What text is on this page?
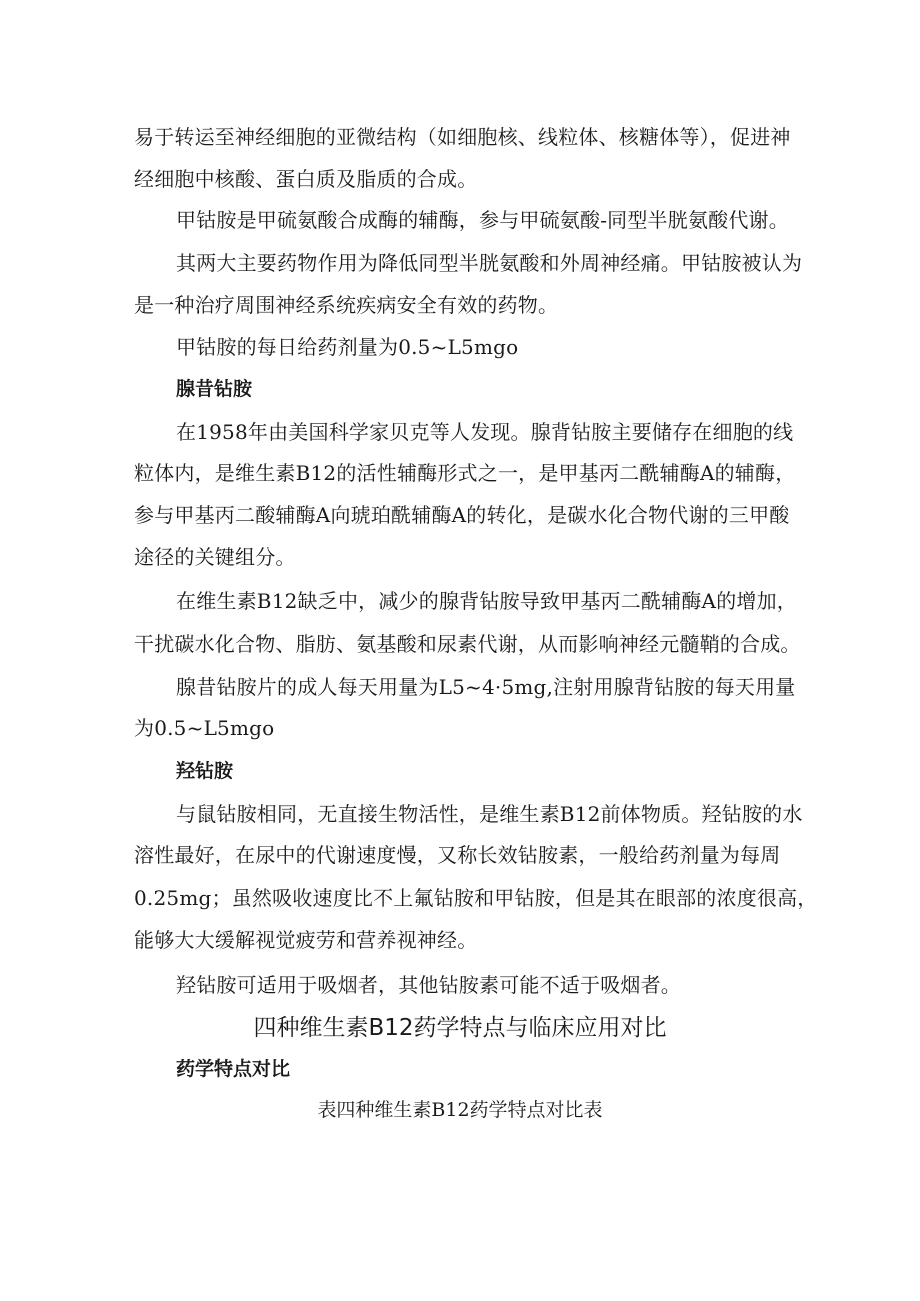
易于转运至神经细胞的亚微结构（如细胞核、线粒体、核糖体等），促进神
经细胞中核酸、蛋白质及脂质的合成。
甲钴胺是甲硫氨酸合成酶的辅酶，参与甲硫氨酸-同型半胱氨酸代谢。
其两大主要药物作用为降低同型半胱氨酸和外周神经痛。甲钴胺被认为
是一种治疗周围神经系统疾病安全有效的药物。
甲钴胺的每日给药剂量为0.5~L5mgo
腺昔钻胺
在1958年由美国科学家贝克等人发现。腺背钻胺主要储存在细胞的线
粒体内，是维生素B12的活性辅酶形式之一，是甲基丙二酰辅酶A的辅酶，
参与甲基丙二酸辅酶A向琥珀酰辅酶A的转化，是碳水化合物代谢的三甲酸
途径的关键组分。
在维生素B12缺乏中，减少的腺背钻胺导致甲基丙二酰辅酶A的增加，
干扰碳水化合物、脂肪、氨基酸和尿素代谢，从而影响神经元髓鞘的合成。
腺昔钻胺片的成人每天用量为L5~4·5mg,注射用腺背钻胺的每天用量
为0.5~L5mgo
羟钻胺
与鼠钻胺相同，无直接生物活性，是维生素B12前体物质。羟钻胺的水
溶性最好，在尿中的代谢速度慢，又称长效钻胺素，一般给药剂量为每周
0.25mg；虽然吸收速度比不上氟钻胺和甲钻胺，但是其在眼部的浓度很高，
能够大大缓解视觉疲劳和营养视神经。
羟钻胺可适用于吸烟者，其他钻胺素可能不适于吸烟者。
四种维生素B12药学特点与临床应用对比
药学特点对比
表四种维生素B12药学特点对比表
